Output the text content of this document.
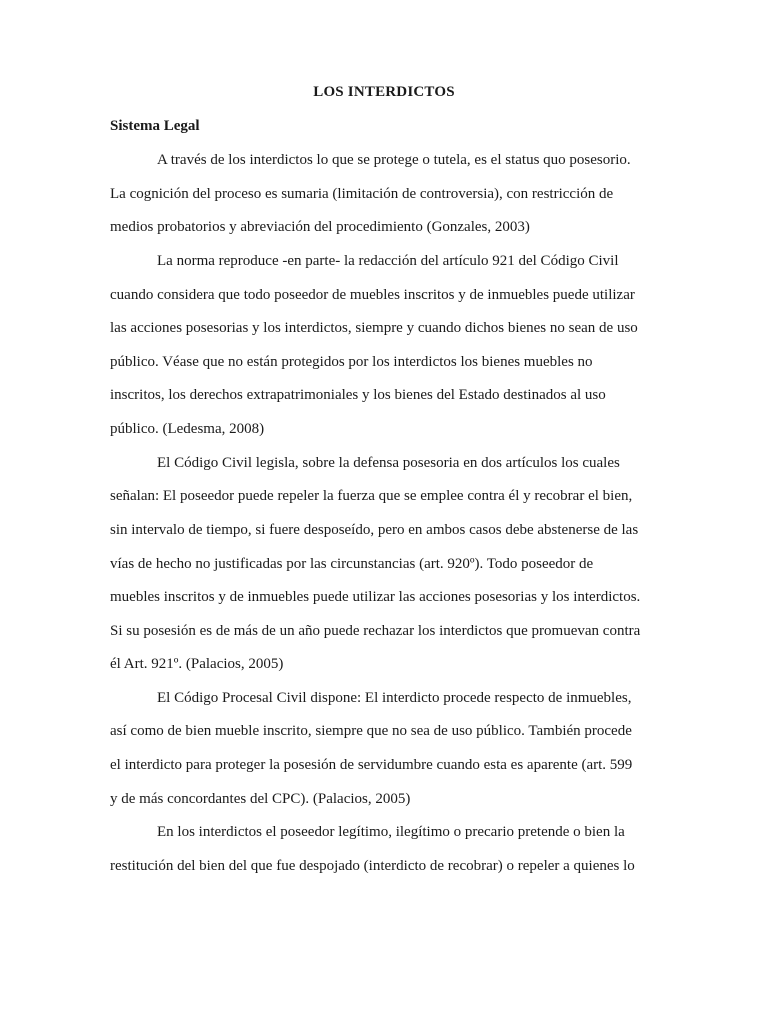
LOS INTERDICTOS
Sistema Legal
A través de los interdictos lo que se protege o tutela, es el status quo posesorio.
La cognición del proceso es sumaria (limitación de controversia), con restricción de
medios probatorios y abreviación del procedimiento (Gonzales, 2003)
La norma reproduce -en parte- la redacción del artículo 921 del Código Civil
cuando considera que todo poseedor de muebles inscritos y de inmuebles puede utilizar
las acciones posesorias y los interdictos, siempre y cuando dichos bienes no sean de uso
público. Véase que no están protegidos por los interdictos los bienes muebles no
inscritos, los derechos extrapatrimoniales y los bienes del Estado destinados al uso
público. (Ledesma, 2008)
El Código Civil legisla, sobre la defensa posesoria en dos artículos los cuales
señalan: El poseedor puede repeler la fuerza que se emplee contra él y recobrar el bien,
sin intervalo de tiempo, si fuere desposeído, pero en ambos casos debe abstenerse de las
vías de hecho no justificadas por las circunstancias (art. 920º). Todo poseedor de
muebles inscritos y de inmuebles puede utilizar las acciones posesorias y los interdictos.
Si su posesión es de más de un año puede rechazar los interdictos que promuevan contra
él Art. 921º. (Palacios, 2005)
El Código Procesal Civil dispone: El interdicto procede respecto de inmuebles,
así como de bien mueble inscrito, siempre que no sea de uso público. También procede
el interdicto para proteger la posesión de servidumbre cuando esta es aparente (art. 599
y de más concordantes del CPC). (Palacios, 2005)
En los interdictos el poseedor legítimo, ilegítimo o precario pretende o bien la
restitución del bien del que fue despojado (interdicto de recobrar) o repeler a quienes lo
